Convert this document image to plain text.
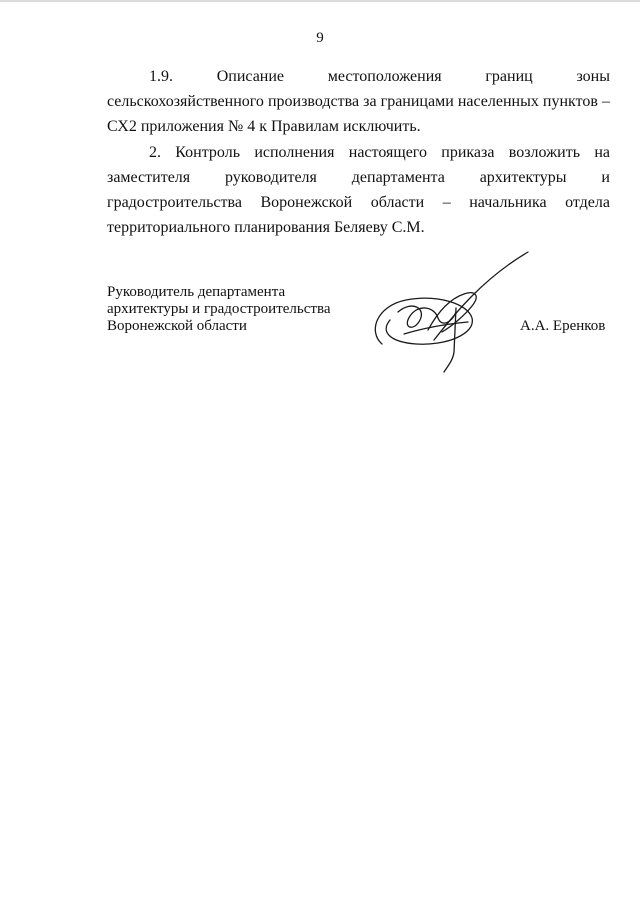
9

1.9. Описание местоположения границ зоны сельскохозяйственного производства за границами населенных пунктов – СХ2 приложения № 4 к Правилам исключить.

2. Контроль исполнения настоящего приказа возложить на заместителя руководителя департамента архитектуры и градостроительства Воронежской области – начальника отдела территориального планирования Беляеву С.М.

Руководитель департамента
архитектуры и градостроительства
Воронежской области	А.А. Еренков
